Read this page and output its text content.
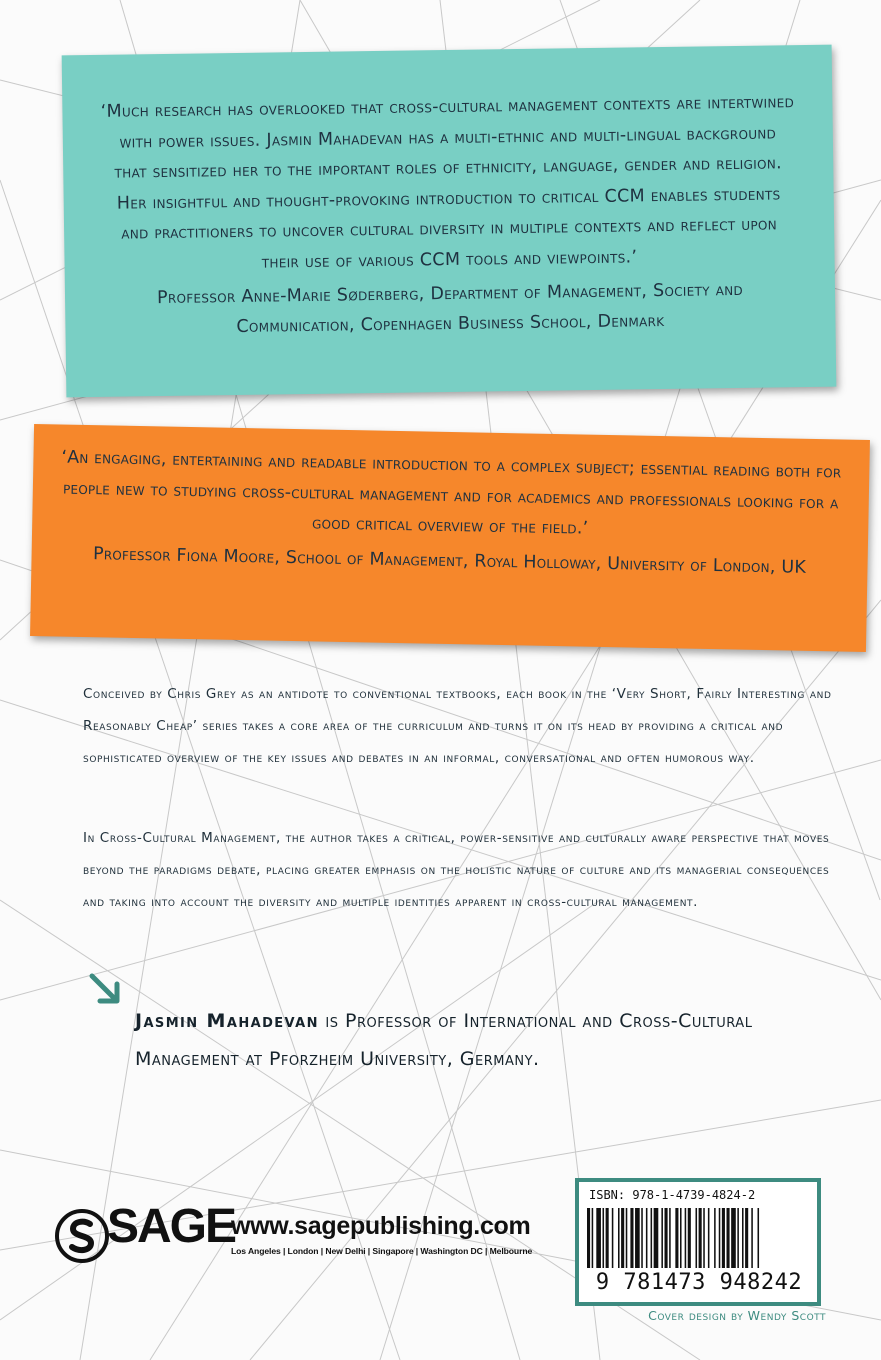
‘Much research has overlooked that cross-cultural management contexts are intertwined with power issues. Jasmin Mahadevan has a multi-ethnic and multi-lingual background that sensitized her to the important roles of ethnicity, language, gender and religion. Her insightful and thought-provoking introduction to critical CCM enables students and practitioners to uncover cultural diversity in multiple contexts and reflect upon their use of various CCM tools and viewpoints.’
Professor Anne-Marie Søderberg, Department of Management, Society and Communication, Copenhagen Business School, Denmark
‘An engaging, entertaining and readable introduction to a complex subject; essential reading both for people new to studying cross-cultural management and for academics and professionals looking for a good critical overview of the field.’
Professor Fiona Moore, School of Management, Royal Holloway, University of London, UK
Conceived by Chris Grey as an antidote to conventional textbooks, each book in the ‘Very Short, Fairly Interesting and Reasonably Cheap’ series takes a core area of the curriculum and turns it on its head by providing a critical and sophisticated overview of the key issues and debates in an informal, conversational and often humorous way.
In Cross-Cultural Management, the author takes a critical, power-sensitive and culturally aware perspective that moves beyond the paradigms debate, placing greater emphasis on the holistic nature of culture and its managerial consequences and taking into account the diversity and multiple identities apparent in cross-cultural management.
Jasmin Mahadevan is Professor of International and Cross-Cultural Management at Pforzheim University, Germany.
SAGE
www.sagepublishing.com
Los Angeles | London | New Delhi | Singapore | Washington DC | Melbourne
ISBN: 978-1-4739-4824-2
9 781473 948242
Cover design by Wendy Scott
